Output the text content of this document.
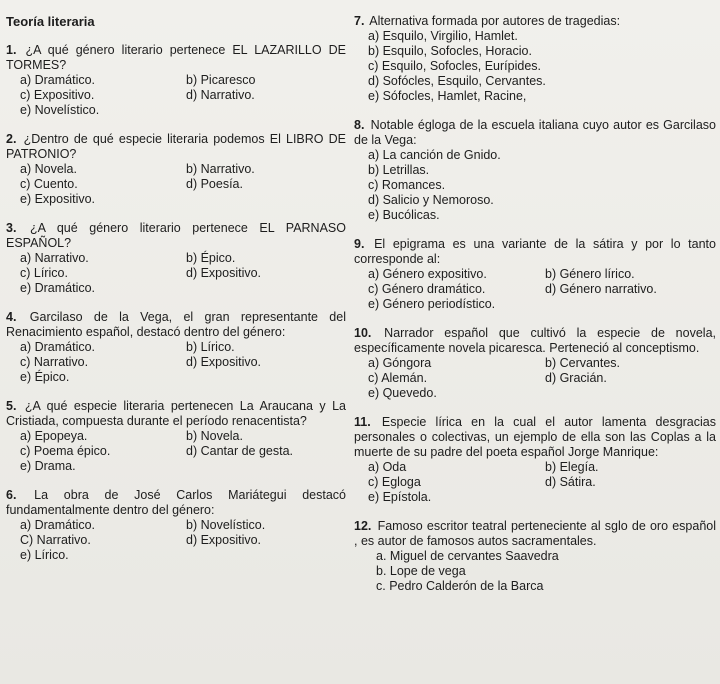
Teoría literaria
1. ¿A qué género literario pertenece EL LAZARILLO DE TORMES?
a) Dramático.	b) Picaresco
c) Expositivo.	d) Narrativo.
e) Novelístico.
2. ¿Dentro de qué especie literaria podemos El LIBRO DE PATRONIO?
a) Novela.	b) Narrativo.
c) Cuento.	d) Poesía.
e) Expositivo.
3. ¿A qué género literario pertenece EL PARNASO ESPAÑOL?
a) Narrativo.	b) Épico.
c) Lírico.	d) Expositivo.
e) Dramático.
4. Garcilaso de la Vega, el gran representante del Renacimiento español, destacó dentro del género:
a) Dramático.	b) Lírico.
c) Narrativo.	d) Expositivo.
e) Épico.
5. ¿A qué especie literaria pertenecen La Araucana y La Cristiada, compuesta durante el período renacentista?
a) Epopeya.	b) Novela.
c) Poema épico.	d) Cantar de gesta.
e) Drama.
6. La obra de José Carlos Mariátegui destacó fundamentalmente dentro del género:
a) Dramático.	b) Novelístico.
C) Narrativo.	d) Expositivo.
e) Lírico.
7. Alternativa formada por autores de tragedias:
a) Esquilo, Virgilio, Hamlet.
b) Esquilo, Sofocles, Horacio.
c) Esquilo, Sofocles, Eurípides.
d) Sofócles, Esquilo, Cervantes.
e) Sófocles, Hamlet, Racine,
8. Notable égloga de la escuela italiana cuyo autor es Garcilaso de la Vega:
a) La canción de Gnido.
b) Letrillas.
c) Romances.
d) Salicio y Nemoroso.
e) Bucólicas.
9. El epigrama es una variante de la sátira y por lo tanto corresponde al:
a) Género expositivo.	b) Género lírico.
c) Género dramático.	d) Género narrativo.
e) Género periodístico.
10. Narrador español que cultivó la especie de novela, específicamente novela picaresca. Perteneció al conceptismo.
a) Góngora	b) Cervantes.
c) Alemán.	d) Gracián.
e) Quevedo.
11. Especie lírica en la cual el autor lamenta desgracias personales o colectivas, un ejemplo de ella son las Coplas a la muerte de su padre del poeta español Jorge Manrique:
a) Oda	b) Elegía.
c) Egloga	d) Sátira.
e) Epístola.
12. Famoso escritor teatral perteneciente al sglo de oro español , es autor de famosos autos sacramentales.
a. Miguel de cervantes Saavedra
b. Lope de vega
c. Pedro Calderón de la Barca
